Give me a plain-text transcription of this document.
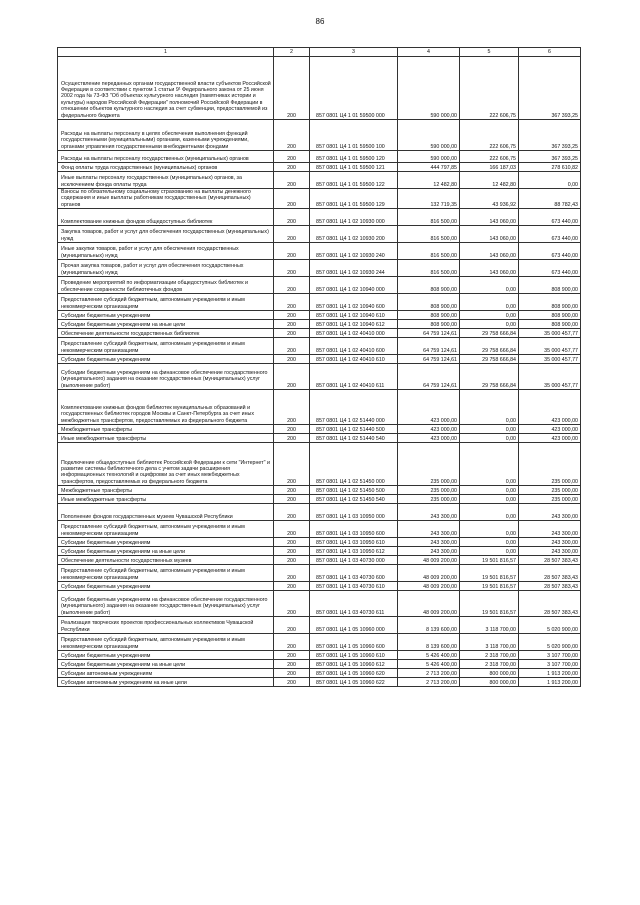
86
1	2	3	4	5	6
Осуществление переданных органам государственной власти субъектов Российской Федерации в соответствии с пунктом 1 статьи 9¹ Федерального закона от 25 июня 2002 года № 73-ФЗ "Об объектах культурного наследия (памятниках истории и культуры) народов Российской Федерации" полномочий Российской Федерации в отношении объектов культурного наследия за счет субвенции, предоставляемой из федерального бюджета	200	857 0801 Ц4 1 01 59500 000	590 000,00	222 606,75	367 393,25
Расходы на выплаты персоналу в целях обеспечения выполнения функций государственными (муниципальными) органами, казенными учреждениями, органами управления государственными внебюджетными фондами	200	857 0801 Ц4 1 01 59500 100	590 000,00	222 606,75	367 393,25
Расходы на выплаты персоналу государственных (муниципальных) органов	200	857 0801 Ц4 1 01 59500 120	590 000,00	222 606,75	367 393,25
Фонд оплаты труда государственных (муниципальных) органов	200	857 0801 Ц4 1 01 59500 121	444 797,85	166 187,03	278 610,82
Иные выплаты персоналу государственных (муниципальных) органов, за исключением фонда оплаты труда	200	857 0801 Ц4 1 01 59500 122	12 482,80	12 482,80	0,00
Взносы по обязательному социальному страхованию на выплаты денежного содержания и иные выплаты работникам государственных (муниципальных) органов	200	857 0801 Ц4 1 01 59500 129	132 719,35	43 936,92	88 782,43
Комплектование книжных фондов общедоступных библиотек	200	857 0801 Ц4 1 02 10930 000	816 500,00	143 060,00	673 440,00
Закупка товаров, работ и услуг для обеспечения государственных (муниципальных) нужд	200	857 0801 Ц4 1 02 10930 200	816 500,00	143 060,00	673 440,00
Иные закупки товаров, работ и услуг для обеспечения государственных (муниципальных) нужд	200	857 0801 Ц4 1 02 10930 240	816 500,00	143 060,00	673 440,00
Прочая закупка товаров, работ и услуг для обеспечения государственных (муниципальных) нужд	200	857 0801 Ц4 1 02 10930 244	816 500,00	143 060,00	673 440,00
Проведение мероприятий по информатизации общедоступных библиотек и обеспечение сохранности библиотечных фондов	200	857 0801 Ц4 1 02 10940 000	808 900,00	0,00	808 900,00
Предоставление субсидий бюджетным, автономным учреждениям и иным некоммерческим организациям	200	857 0801 Ц4 1 02 10940 600	808 900,00	0,00	808 900,00
Субсидии бюджетным учреждениям	200	857 0801 Ц4 1 02 10940 610	808 900,00	0,00	808 900,00
Субсидии бюджетным учреждениям на иные цели	200	857 0801 Ц4 1 02 10940 612	808 900,00	0,00	808 900,00
Обеспечение деятельности государственных библиотек	200	857 0801 Ц4 1 02 40410 000	64 759 124,61	29 758 666,84	35 000 457,77
Предоставление субсидий бюджетным, автономным учреждениям и иным некоммерческим организациям	200	857 0801 Ц4 1 02 40410 600	64 759 124,61	29 758 666,84	35 000 457,77
Субсидии бюджетным учреждениям	200	857 0801 Ц4 1 02 40410 610	64 759 124,61	29 758 666,84	35 000 457,77
Субсидии бюджетным учреждениям на финансовое обеспечение государственного (муниципального) задания на оказание государственных (муниципальных) услуг (выполнение работ)	200	857 0801 Ц4 1 02 40410 611	64 759 124,61	29 758 666,84	35 000 457,77
Комплектование книжных фондов библиотек муниципальных образований и государственных библиотек городов Москвы и Санкт-Петербурга за счет иных межбюджетных трансфертов, предоставляемых из федерального бюджета	200	857 0801 Ц4 1 02 51440 000	423 000,00	0,00	423 000,00
Межбюджетные трансферты	200	857 0801 Ц4 1 02 51440 500	423 000,00	0,00	423 000,00
Иные межбюджетные трансферты	200	857 0801 Ц4 1 02 51440 540	423 000,00	0,00	423 000,00
Подключение общедоступных библиотек Российской Федерации к сети "Интернет" и развитие системы библиотечного дела с учетом задачи расширения информационных технологий и оцифровки за счет иных межбюджетных трансфертов, предоставляемых из федерального бюджета	200	857 0801 Ц4 1 02 51450 000	235 000,00	0,00	235 000,00
Межбюджетные трансферты	200	857 0801 Ц4 1 02 51450 500	235 000,00	0,00	235 000,00
Иные межбюджетные трансферты	200	857 0801 Ц4 1 02 51450 540	235 000,00	0,00	235 000,00
Пополнение фондов государственных музеев Чувашской Республики	200	857 0801 Ц4 1 03 10950 000	243 300,00	0,00	243 300,00
Предоставление субсидий бюджетным, автономным учреждениям и иным некоммерческим организациям	200	857 0801 Ц4 1 03 10950 600	243 300,00	0,00	243 300,00
Субсидии бюджетным учреждениям	200	857 0801 Ц4 1 03 10950 610	243 300,00	0,00	243 300,00
Субсидии бюджетным учреждениям на иные цели	200	857 0801 Ц4 1 03 10950 612	243 300,00	0,00	243 300,00
Обеспечение деятельности государственных музеев	200	857 0801 Ц4 1 03 40730 000	48 009 200,00	19 501 816,57	28 507 383,43
Предоставление субсидий бюджетным, автономным учреждениям и иным некоммерческим организациям	200	857 0801 Ц4 1 03 40730 600	48 009 200,00	19 501 816,57	28 507 383,43
Субсидии бюджетным учреждениям	200	857 0801 Ц4 1 03 40730 610	48 009 200,00	19 501 816,57	28 507 383,43
Субсидии бюджетным учреждениям на финансовое обеспечение государственного (муниципального) задания на оказание государственных (муниципальных) услуг (выполнение работ)	200	857 0801 Ц4 1 03 40730 611	48 009 200,00	19 501 816,57	28 507 383,43
Реализация творческих проектов профессиональных коллективов Чувашской Республики	200	857 0801 Ц4 1 05 10960 000	8 139 600,00	3 118 700,00	5 020 900,00
Предоставление субсидий бюджетным, автономным учреждениям и иным некоммерческим организациям	200	857 0801 Ц4 1 05 10960 600	8 139 600,00	3 118 700,00	5 020 900,00
Субсидии бюджетным учреждениям	200	857 0801 Ц4 1 05 10960 610	5 426 400,00	2 318 700,00	3 107 700,00
Субсидии бюджетным учреждениям на иные цели	200	857 0801 Ц4 1 05 10960 612	5 426 400,00	2 318 700,00	3 107 700,00
Субсидии автономным учреждениям	200	857 0801 Ц4 1 05 10960 620	2 713 200,00	800 000,00	1 913 200,00
Субсидии автономным учреждениям на иные цели	200	857 0801 Ц4 1 05 10960 622	2 713 200,00	800 000,00	1 913 200,00
